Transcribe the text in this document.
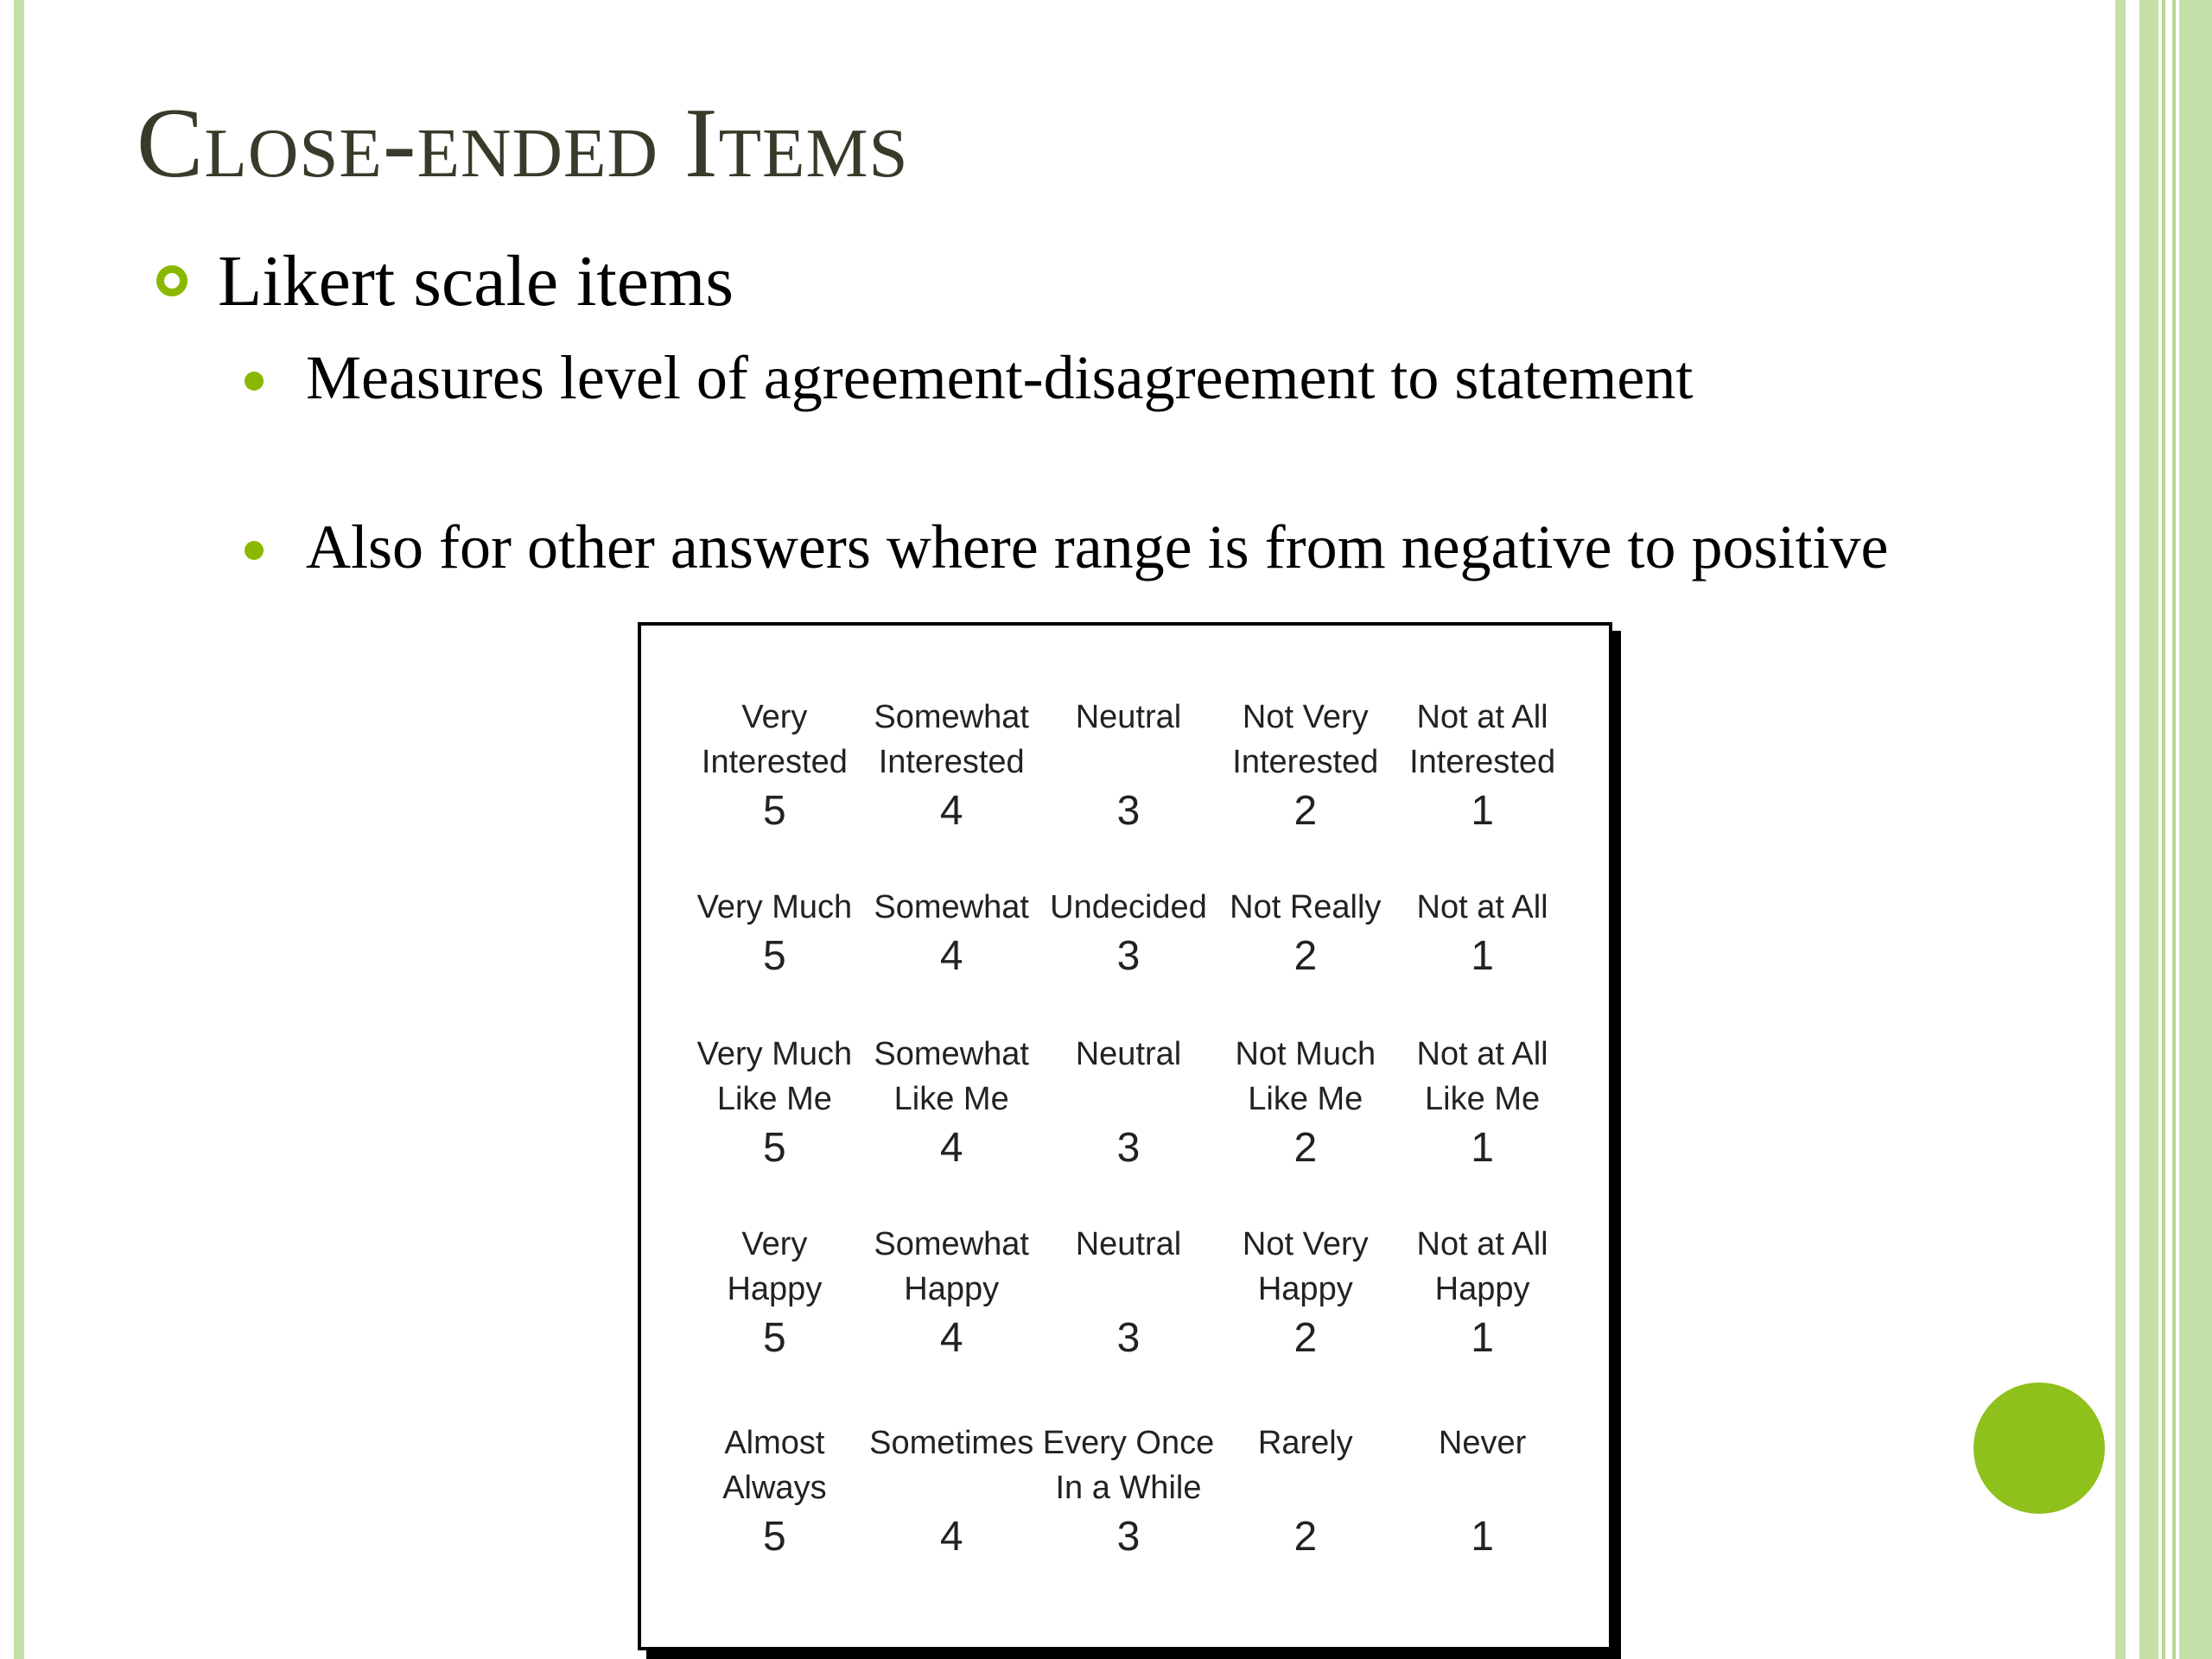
Close-ended Items
Likert scale items
Measures level of agreement-disagreement to statement
Also for other answers where range is from negative to positive
Very
Interested
5
Somewhat
Interested
4
Neutral
3
Not Very
Interested
2
Not at All
Interested
1
Very Much
5
Somewhat
4
Undecided
3
Not Really
2
Not at All
1
Very Much
Like Me
5
Somewhat
Like Me
4
Neutral
3
Not Much
Like Me
2
Not at All
Like Me
1
Very
Happy
5
Somewhat
Happy
4
Neutral
3
Not Very
Happy
2
Not at All
Happy
1
Almost
Always
5
Sometimes
4
Every Once
In a While
3
Rarely
2
Never
1
